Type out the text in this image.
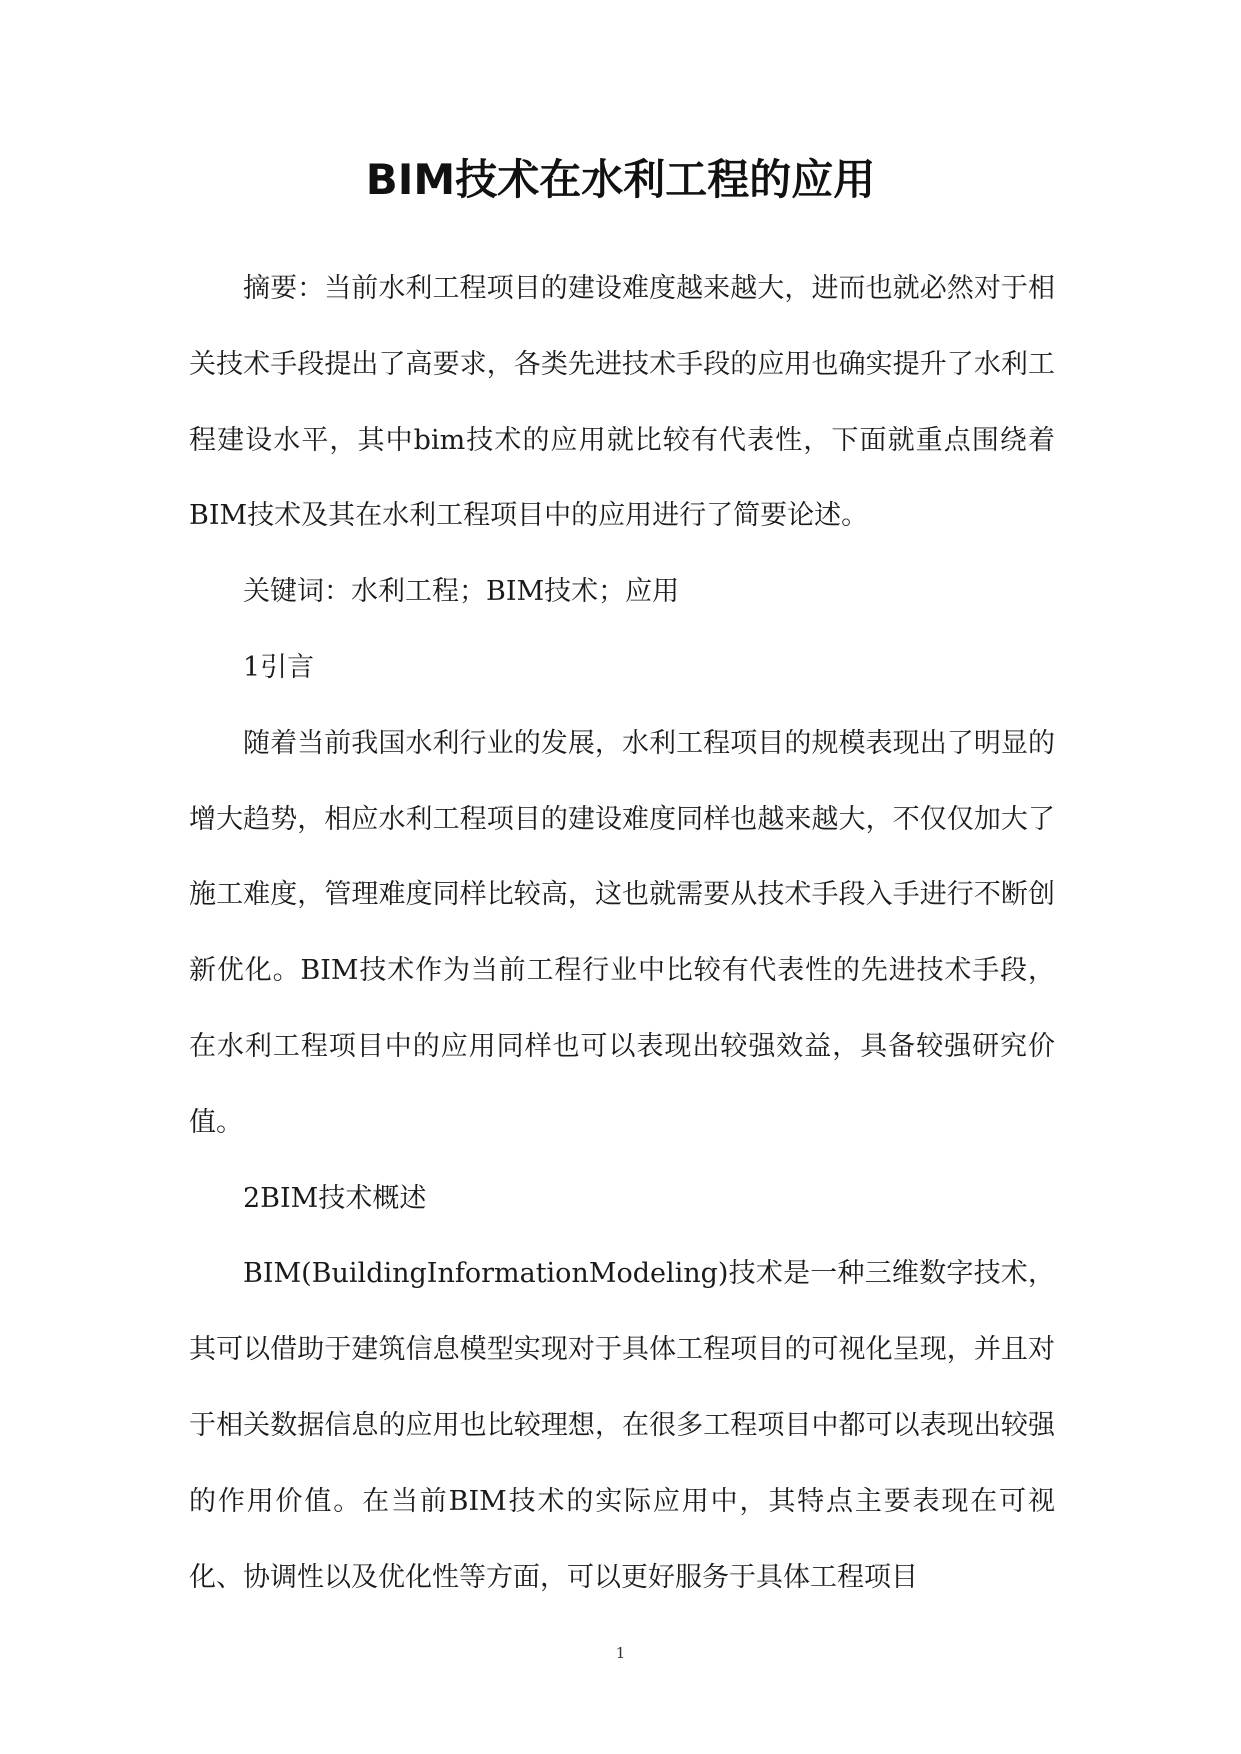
BIM技术在水利工程的应用

摘要：当前水利工程项目的建设难度越来越大，进而也就必然对于相关技术手段提出了高要求，各类先进技术手段的应用也确实提升了水利工程建设水平，其中bim技术的应用就比较有代表性，下面就重点围绕着BIM技术及其在水利工程项目中的应用进行了简要论述。

关键词：水利工程；BIM技术；应用

1引言

随着当前我国水利行业的发展，水利工程项目的规模表现出了明显的增大趋势，相应水利工程项目的建设难度同样也越来越大，不仅仅加大了施工难度，管理难度同样比较高，这也就需要从技术手段入手进行不断创新优化。BIM技术作为当前工程行业中比较有代表性的先进技术手段，在水利工程项目中的应用同样也可以表现出较强效益，具备较强研究价值。

2BIM技术概述

BIM(BuildingInformationModeling)技术是一种三维数字技术，其可以借助于建筑信息模型实现对于具体工程项目的可视化呈现，并且对于相关数据信息的应用也比较理想，在很多工程项目中都可以表现出较强的作用价值。在当前BIM技术的实际应用中，其特点主要表现在可视化、协调性以及优化性等方面，可以更好服务于具体工程项目

1
